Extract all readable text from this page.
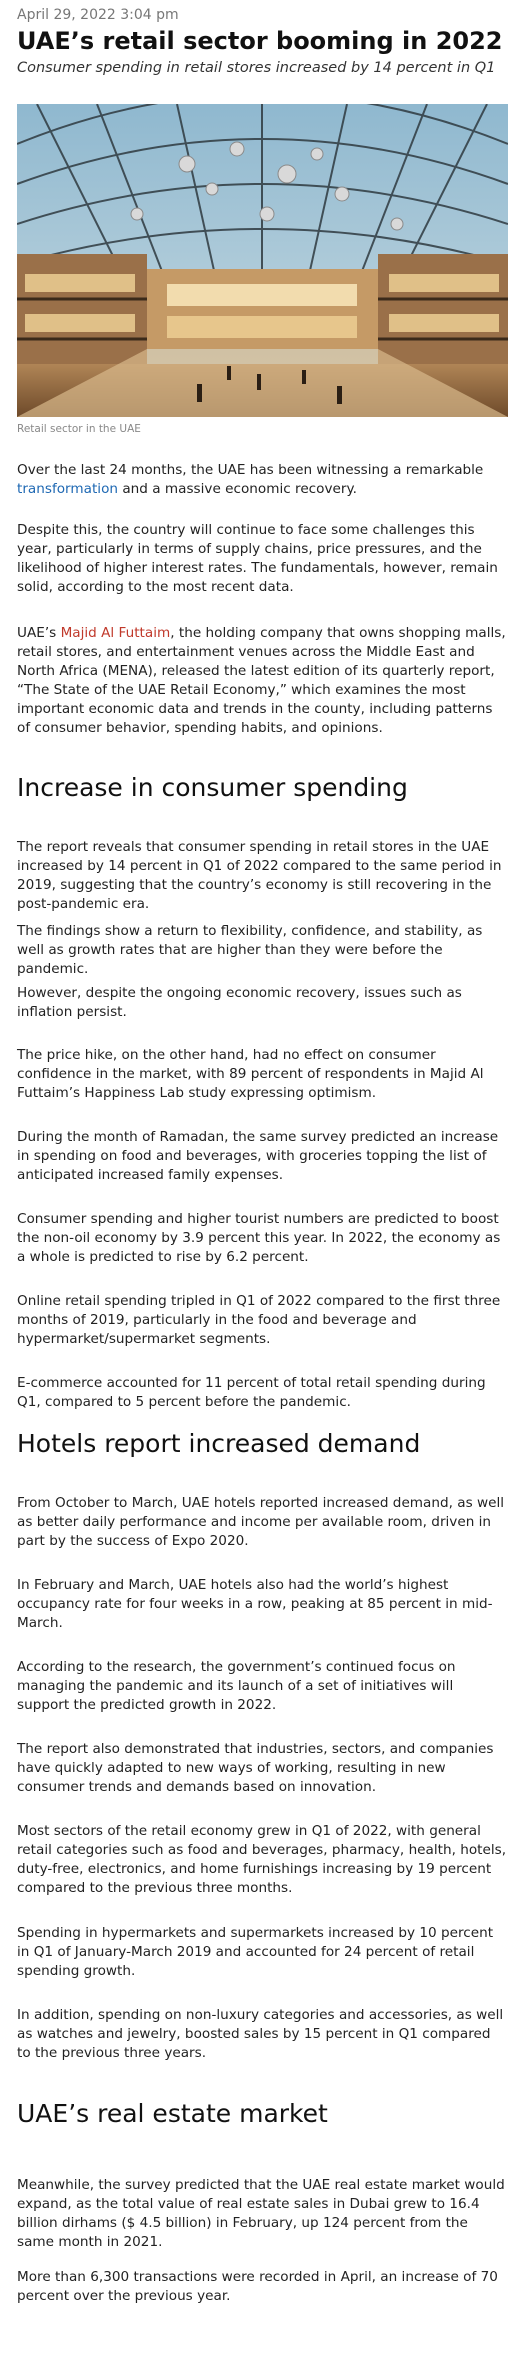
April 29, 2022 3:04 pm
UAE’s retail sector booming in 2022
Consumer spending in retail stores increased by 14 percent in Q1
Retail sector in the UAE

Over the last 24 months, the UAE has been witnessing a remarkable transformation and a massive economic recovery.

Despite this, the country will continue to face some challenges this year, particularly in terms of supply chains, price pressures, and the likelihood of higher interest rates. The fundamentals, however, remain solid, according to the most recent data.

UAE’s Majid Al Futtaim, the holding company that owns shopping malls, retail stores, and entertainment venues across the Middle East and North Africa (MENA), released the latest edition of its quarterly report, “The State of the UAE Retail Economy,” which examines the most important economic data and trends in the county, including patterns of consumer behavior, spending habits, and opinions.

Increase in consumer spending

The report reveals that consumer spending in retail stores in the UAE increased by 14 percent in Q1 of 2022 compared to the same period in 2019, suggesting that the country’s economy is still recovering in the post-pandemic era.

The findings show a return to flexibility, confidence, and stability, as well as growth rates that are higher than they were before the pandemic.

However, despite the ongoing economic recovery, issues such as inflation persist.

The price hike, on the other hand, had no effect on consumer confidence in the market, with 89 percent of respondents in Majid Al Futtaim’s Happiness Lab study expressing optimism.

During the month of Ramadan, the same survey predicted an increase in spending on food and beverages, with groceries topping the list of anticipated increased family expenses.

Consumer spending and higher tourist numbers are predicted to boost the non-oil economy by 3.9 percent this year. In 2022, the economy as a whole is predicted to rise by 6.2 percent.

Online retail spending tripled in Q1 of 2022 compared to the first three months of 2019, particularly in the food and beverage and hypermarket/supermarket segments.

E-commerce accounted for 11 percent of total retail spending during Q1, compared to 5 percent before the pandemic.

Hotels report increased demand

From October to March, UAE hotels reported increased demand, as well as better daily performance and income per available room, driven in part by the success of Expo 2020.

In February and March, UAE hotels also had the world’s highest occupancy rate for four weeks in a row, peaking at 85 percent in mid-March.

According to the research, the government’s continued focus on managing the pandemic and its launch of a set of initiatives will support the predicted growth in 2022.

The report also demonstrated that industries, sectors, and companies have quickly adapted to new ways of working, resulting in new consumer trends and demands based on innovation.

Most sectors of the retail economy grew in Q1 of 2022, with general retail categories such as food and beverages, pharmacy, health, hotels, duty-free, electronics, and home furnishings increasing by 19 percent compared to the previous three months.

Spending in hypermarkets and supermarkets increased by 10 percent in Q1 of January-March 2019 and accounted for 24 percent of retail spending growth.

In addition, spending on non-luxury categories and accessories, as well as watches and jewelry, boosted sales by 15 percent in Q1 compared to the previous three years.

UAE’s real estate market

Meanwhile, the survey predicted that the UAE real estate market would expand, as the total value of real estate sales in Dubai grew to 16.4 billion dirhams ($ 4.5 billion) in February, up 124 percent from the same month in 2021.

More than 6,300 transactions were recorded in April, an increase of 70 percent over the previous year.
